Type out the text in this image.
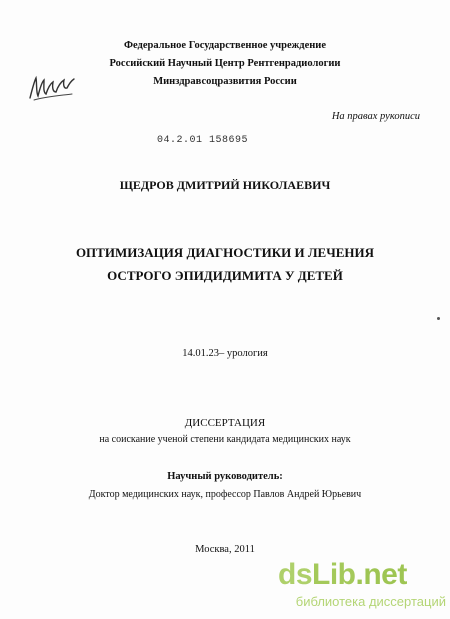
Федеральное Государственное учреждение
Российский Научный Центр Рентгенрадиологии
Минздравсоцразвития России
На правах рукописи
04.2.01 158695
ЩЕДРОВ ДМИТРИЙ НИКОЛАЕВИЧ
ОПТИМИЗАЦИЯ ДИАГНОСТИКИ И ЛЕЧЕНИЯ
ОСТРОГО ЭПИДИДИМИТА У ДЕТЕЙ
14.01.23– урология
ДИССЕРТАЦИЯ
на соискание ученой степени кандидата медицинских наук
Научный руководитель:
Доктор медицинских наук, профессор Павлов Андрей Юрьевич
Москва, 2011
dsLib.net
библиотека диссертаций
